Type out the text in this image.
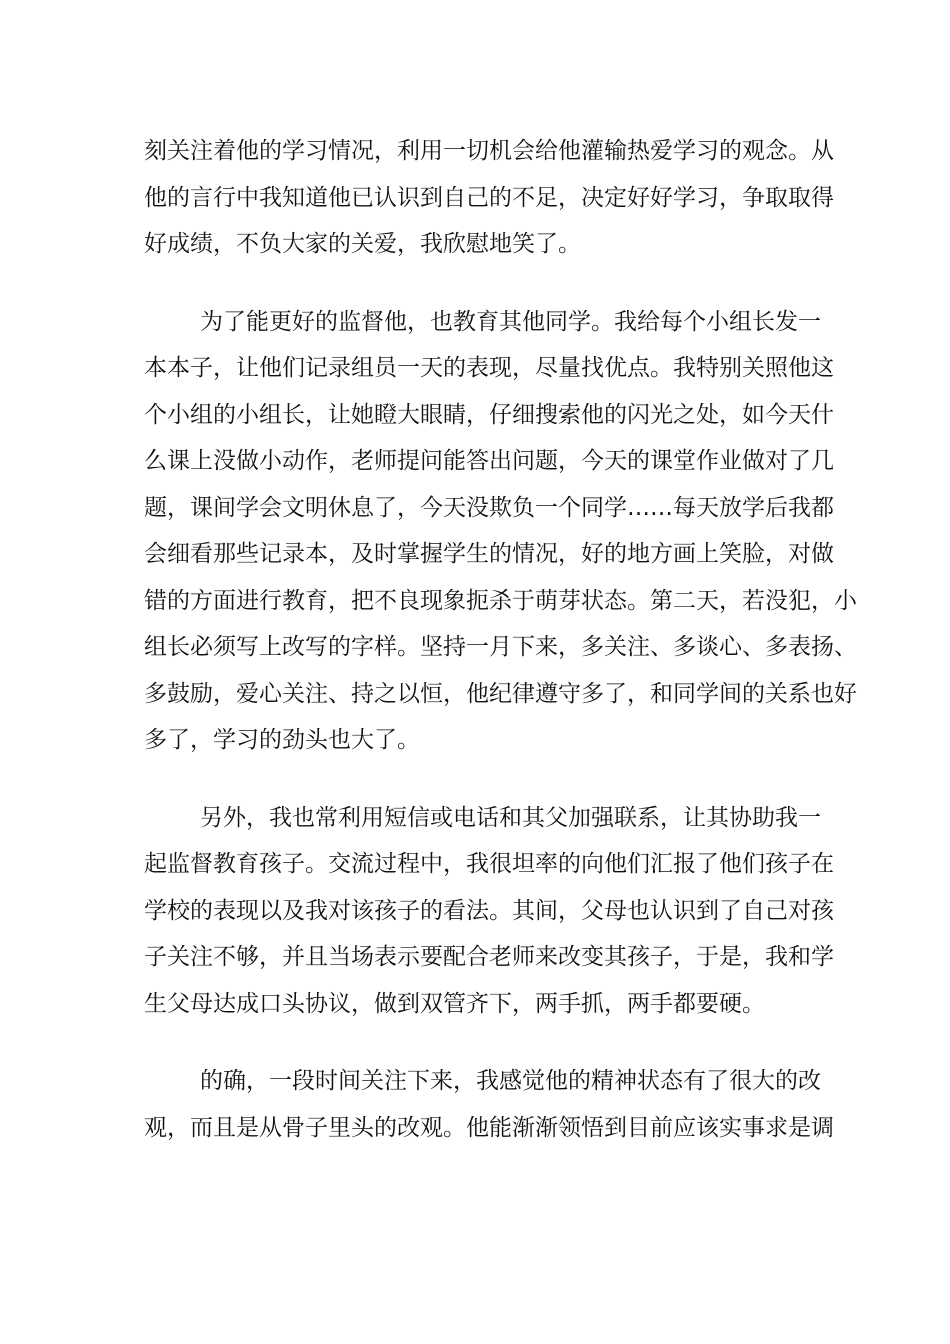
刻关注着他的学习情况，利用一切机会给他灌输热爱学习的观念。从
他的言行中我知道他已认识到自己的不足，决定好好学习，争取取得
好成绩，不负大家的关爱，我欣慰地笑了。

为了能更好的监督他，也教育其他同学。我给每个小组长发一
本本子，让他们记录组员一天的表现，尽量找优点。我特别关照他这
个小组的小组长，让她瞪大眼睛，仔细搜索他的闪光之处，如今天什
么课上没做小动作，老师提问能答出问题，今天的课堂作业做对了几
题，课间学会文明休息了，今天没欺负一个同学……每天放学后我都
会细看那些记录本，及时掌握学生的情况，好的地方画上笑脸，对做
错的方面进行教育，把不良现象扼杀于萌芽状态。第二天，若没犯，小
组长必须写上改写的字样。坚持一月下来，多关注、多谈心、多表扬、
多鼓励，爱心关注、持之以恒，他纪律遵守多了，和同学间的关系也好
多了，学习的劲头也大了。

另外，我也常利用短信或电话和其父加强联系，让其协助我一
起监督教育孩子。交流过程中，我很坦率的向他们汇报了他们孩子在
学校的表现以及我对该孩子的看法。其间，父母也认识到了自己对孩
子关注不够，并且当场表示要配合老师来改变其孩子，于是，我和学
生父母达成口头协议，做到双管齐下，两手抓，两手都要硬。

的确，一段时间关注下来，我感觉他的精神状态有了很大的改
观，而且是从骨子里头的改观。他能渐渐领悟到目前应该实事求是调
